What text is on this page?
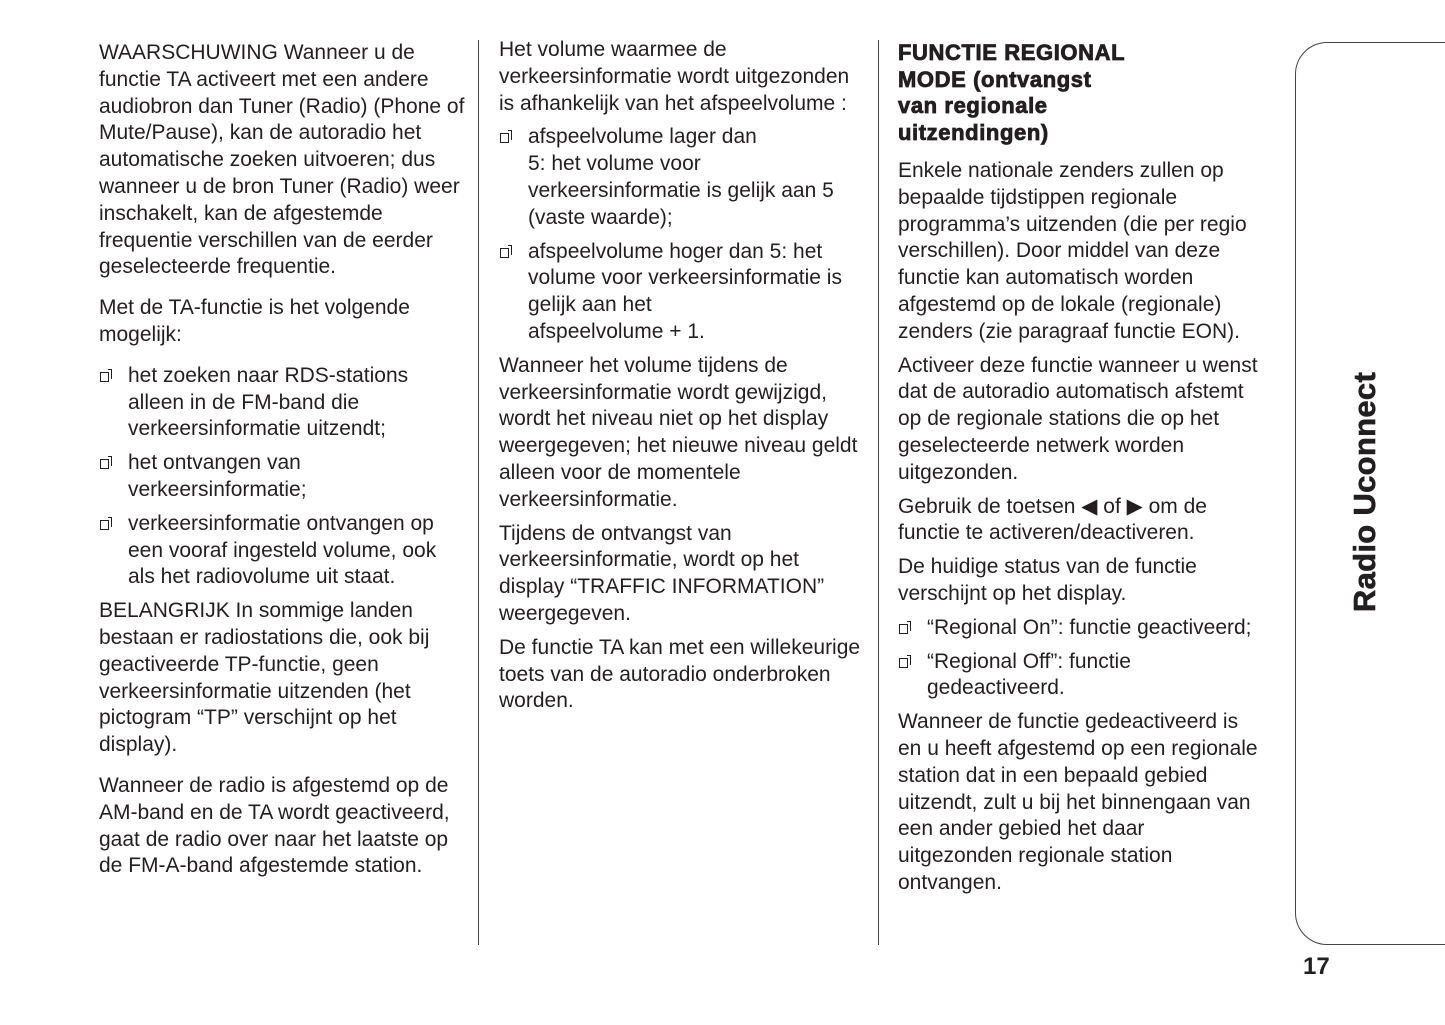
WAARSCHUWING Wanneer u de
functie TA activeert met een andere
audiobron dan Tuner (Radio) (Phone of
Mute/Pause), kan de autoradio het
automatische zoeken uitvoeren; dus
wanneer u de bron Tuner (Radio) weer
inschakelt, kan de afgestemde
frequentie verschillen van de eerder
geselecteerde frequentie.

Met de TA-functie is het volgende
mogelijk:

het zoeken naar RDS-stations
alleen in de FM-band die
verkeersinformatie uitzendt;
het ontvangen van
verkeersinformatie;
verkeersinformatie ontvangen op
een vooraf ingesteld volume, ook
als het radiovolume uit staat.

BELANGRIJK In sommige landen
bestaan er radiostations die, ook bij
geactiveerde TP-functie, geen
verkeersinformatie uitzenden (het
pictogram “TP” verschijnt op het
display).

Wanneer de radio is afgestemd op de
AM-band en de TA wordt geactiveerd,
gaat de radio over naar het laatste op
de FM-A-band afgestemde station.

Het volume waarmee de
verkeersinformatie wordt uitgezonden
is afhankelijk van het afspeelvolume :

afspeelvolume lager dan
5: het volume voor
verkeersinformatie is gelijk aan 5
(vaste waarde);
afspeelvolume hoger dan 5: het
volume voor verkeersinformatie is
gelijk aan het
afspeelvolume + 1.

Wanneer het volume tijdens de
verkeersinformatie wordt gewijzigd,
wordt het niveau niet op het display
weergegeven; het nieuwe niveau geldt
alleen voor de momentele
verkeersinformatie.

Tijdens de ontvangst van
verkeersinformatie, wordt op het
display “TRAFFIC INFORMATION”
weergegeven.

De functie TA kan met een willekeurige
toets van de autoradio onderbroken
worden.

FUNCTIE REGIONAL
MODE (ontvangst
van regionale
uitzendingen)

Enkele nationale zenders zullen op
bepaalde tijdstippen regionale
programma’s uitzenden (die per regio
verschillen). Door middel van deze
functie kan automatisch worden
afgestemd op de lokale (regionale)
zenders (zie paragraaf functie EON).

Activeer deze functie wanneer u wenst
dat de autoradio automatisch afstemt
op de regionale stations die op het
geselecteerde netwerk worden
uitgezonden.

Gebruik de toetsen ◀ of ▶ om de
functie te activeren/deactiveren.

De huidige status van de functie
verschijnt op het display.

“Regional On”: functie geactiveerd;
“Regional Off”: functie
gedeactiveerd.

Wanneer de functie gedeactiveerd is
en u heeft afgestemd op een regionale
station dat in een bepaald gebied
uitzendt, zult u bij het binnengaan van
een ander gebied het daar
uitgezonden regionale station
ontvangen.

Radio Uconnect
17
